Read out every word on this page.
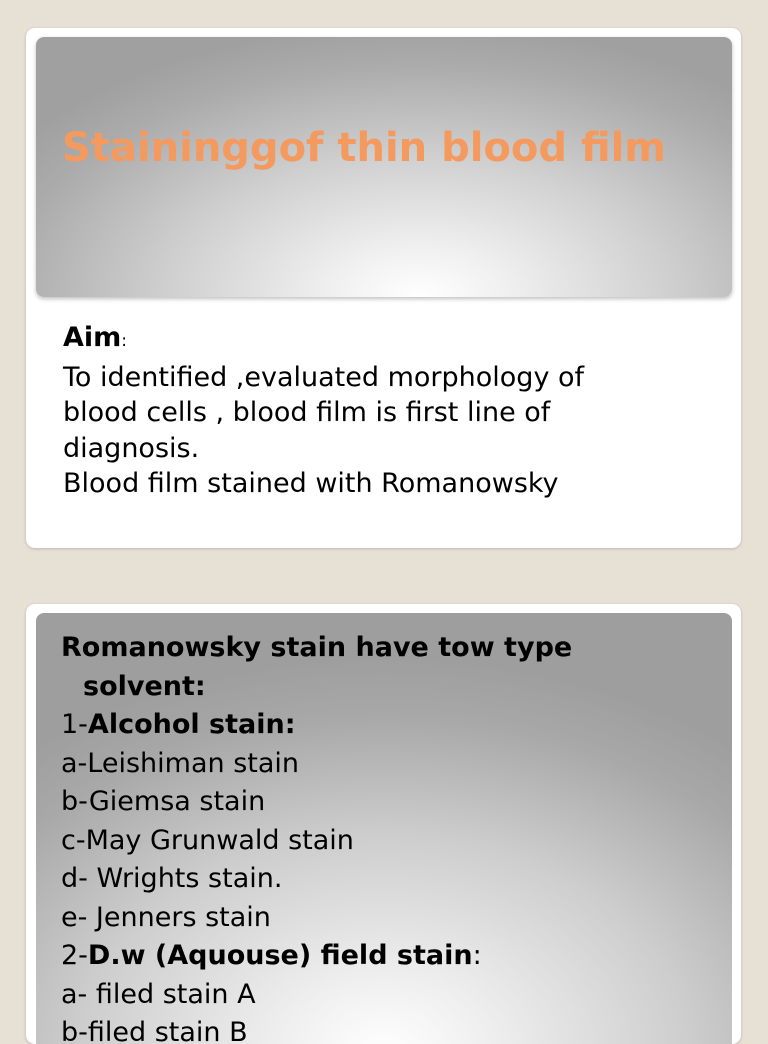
Staininggof thin blood film
Aim:
To identified ,evaluated morphology of
blood cells , blood film is first line of
diagnosis.
Blood film stained with Romanowsky
Romanowsky stain have tow type
solvent:
1-Alcohol stain:
a-Leishiman stain
b-Giemsa stain
c-May Grunwald stain
d- Wrights stain.
e- Jenners stain
2-D.w (Aquouse) field stain:
a- filed stain A
b-filed stain B
